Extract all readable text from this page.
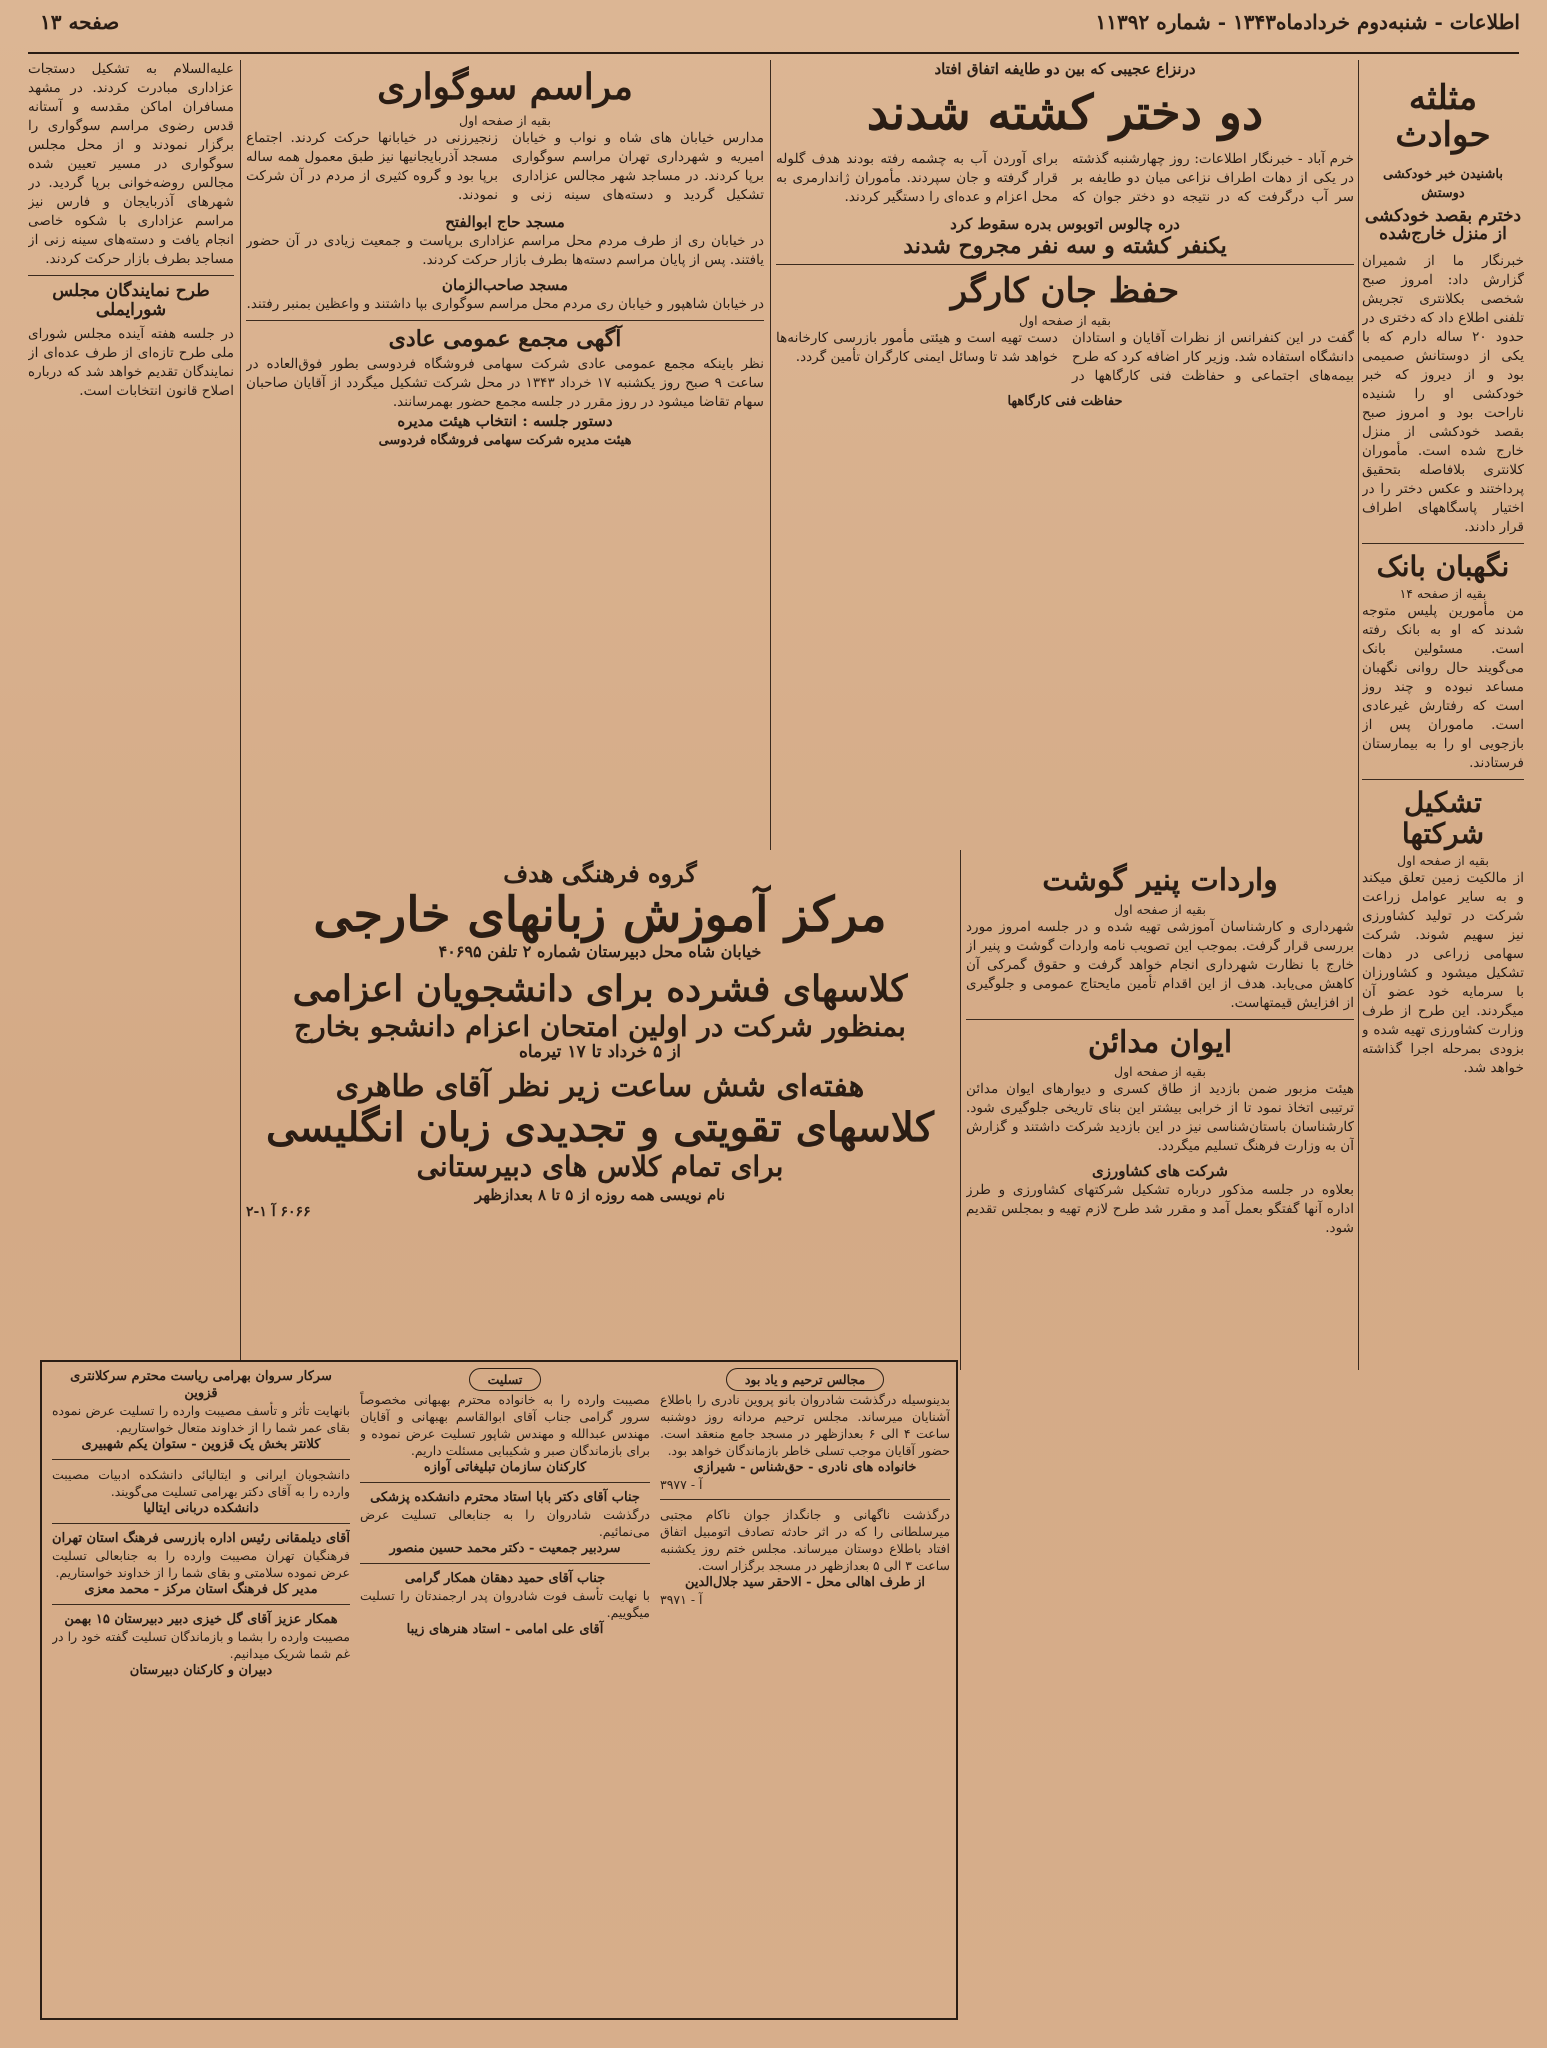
صفحه ۱۳	اطلاعات - شنبه‌دوم خردادماه۱۳۴۳ - شماره ۱۱۳۹۲
مثلثه حوادث
باشنیدن خبر خودکشی دوستش
دخترم بقصد خودکشی از منزل خارج‌شده
خبرنگار ما از شمیران گزارش داد: امروز صبح شخصی بکلانتری تجریش تلفنی اطلاع داد که دختری در حدود ۲۰ ساله دارم که با یکی از دوستانش صمیمی بود و از دیروز که خبر خودکشی او را شنیده ناراحت بود و امروز صبح بقصد خودکشی از منزل خارج شده است. مأموران کلانتری بلافاصله بتحقیق پرداختند و عکس دختر را در اختیار پاسگاههای اطراف قرار دادند.
نگهبان بانک
بقیه از صفحه ۱۴
من مأمورین پلیس متوجه شدند که او به بانک رفته است. مسئولین بانک می‌گویند حال روانی نگهبان مساعد نبوده و چند روز است که رفتارش غیرعادی است. ماموران پس از بازجویی او را به بیمارستان فرستادند.
تشکیل شرکتها
بقیه از صفحه اول
از مالکیت زمین تعلق میکند و به سایر عوامل زراعت شرکت در تولید کشاورزی نیز سهیم شوند. شرکت سهامی زراعی در دهات تشکیل میشود و کشاورزان با سرمایه خود عضو آن میگردند. این طرح از طرف وزارت کشاورزی تهیه شده و بزودی بمرحله اجرا گذاشته خواهد شد.
درنزاع عجیبی که بین دو طایفه اتفاق افتاد
دو دختر کشته شدند
خرم آباد - خبرنگار اطلاعات: روز چهارشنبه گذشته در یکی از دهات اطراف نزاعی میان دو طایفه بر سر آب درگرفت که در نتیجه دو دختر جوان که برای آوردن آب به چشمه رفته بودند هدف گلوله قرار گرفته و جان سپردند. مأموران ژاندارمری به محل اعزام و عده‌ای را دستگیر کردند.
دره چالوس اتوبوس بدره سقوط کرد
یکنفر کشته و سه نفر مجروح شدند
حفظ جان کارگر
بقیه از صفحه اول
گفت در این کنفرانس از نظرات آقایان و استادان دانشگاه استفاده شد. وزیر کار اضافه کرد که طرح بیمه‌های اجتماعی و حفاظت فنی کارگاهها در دست تهیه است و هیئتی مأمور بازرسی کارخانه‌ها خواهد شد تا وسائل ایمنی کارگران تأمین گردد.
حفاظت فنی کارگاهها
مراسم سوگواری
بقیه از صفحه اول
مدارس خیابان های شاه و نواب و خیابان امیریه و شهرداری تهران مراسم سوگواری برپا کردند. در مساجد شهر مجالس عزاداری تشکیل گردید و دسته‌های سینه زنی و زنجیرزنی در خیابانها حرکت کردند. اجتماع مسجد آذربایجانیها نیز طبق معمول همه ساله برپا بود و گروه کثیری از مردم در آن شرکت نمودند.
مسجد حاج ابوالفتح
در خیابان ری از طرف مردم محل مراسم عزاداری برپاست و جمعیت زیادی در آن حضور یافتند. پس از پایان مراسم دسته‌ها بطرف بازار حرکت کردند.
مسجد صاحب‌الزمان
در خیابان شاهپور و خیابان ری مردم محل مراسم سوگواری بپا داشتند و واعظین بمنبر رفتند.
آگهی مجمع عمومی عادی
نظر باینکه مجمع عمومی عادی شرکت سهامی فروشگاه فردوسی بطور فوق‌العاده در ساعت ۹ صبح روز یکشنبه ۱۷ خرداد ۱۳۴۳ در محل شرکت تشکیل میگردد از آقایان صاحبان سهام تقاضا میشود در روز مقرر در جلسه مجمع حضور بهمرسانند.
دستور جلسه : انتخاب هیئت مدیره
هیئت مدیره شرکت سهامی فروشگاه فردوسی
علیه‌السلام به تشکیل دستجات عزاداری مبادرت کردند. در مشهد مسافران اماکن مقدسه و آستانه قدس رضوی مراسم سوگواری را برگزار نمودند و از محل مجلس سوگواری در مسیر تعیین شده مجالس روضه‌خوانی برپا گردید. در شهرهای آذربایجان و فارس نیز مراسم عزاداری با شکوه خاصی انجام یافت و دسته‌های سینه زنی از مساجد بطرف بازار حرکت کردند.
طرح نمایندگان مجلس شورایملی
در جلسه هفته آینده مجلس شورای ملی طرح تازه‌ای از طرف عده‌ای از نمایندگان تقدیم خواهد شد که درباره اصلاح قانون انتخابات است.
گروه فرهنگی هدف
مرکز آموزش زبانهای خارجی
خیابان شاه محل دبیرستان شماره ۲ تلفن ۴۰۶۹۵
کلاسهای فشرده برای دانشجویان اعزامی
بمنظور شرکت در اولین امتحان اعزام دانشجو بخارج
از ۵ خرداد تا ۱۷ تیرماه
هفته‌ای شش ساعت زیر نظر آقای طاهری
کلاسهای تقویتی و تجدیدی زبان انگلیسی
برای تمام کلاس های دبیرستانی
نام نویسی همه روزه از ۵ تا ۸ بعدازظهر
۶۰۶۶ آ ۱-۲
واردات پنیر گوشت
بقیه از صفحه اول
شهرداری و کارشناسان آموزشی تهیه شده و در جلسه امروز مورد بررسی قرار گرفت. بموجب این تصویب نامه واردات گوشت و پنیر از خارج با نظارت شهرداری انجام خواهد گرفت و حقوق گمرکی آن کاهش می‌یابد. هدف از این اقدام تأمین مایحتاج عمومی و جلوگیری از افزایش قیمتهاست.
ایوان مدائن
بقیه از صفحه اول
هیئت مزبور ضمن بازدید از طاق کسری و دیوارهای ایوان مدائن ترتیبی اتخاذ نمود تا از خرابی بیشتر این بنای تاریخی جلوگیری شود. کارشناسان باستان‌شناسی نیز در این بازدید شرکت داشتند و گزارش آن به وزارت فرهنگ تسلیم میگردد.
شرکت های کشاورزی
بعلاوه در جلسه مذکور درباره تشکیل شرکتهای کشاورزی و طرز اداره آنها گفتگو بعمل آمد و مقرر شد طرح لازم تهیه و بمجلس تقدیم شود.
مجالس ترحیم و یاد بود
بدینوسیله درگذشت شادروان بانو پروین نادری را باطلاع آشنایان میرساند. مجلس ترحیم مردانه روز دوشنبه ساعت ۴ الی ۶ بعدازظهر در مسجد جامع منعقد است. حضور آقایان موجب تسلی خاطر بازماندگان خواهد بود.
خانواده های نادری - حق‌شناس - شیرازی
آ - ۳۹۷۷
درگذشت ناگهانی و جانگداز جوان ناکام مجتبی میرسلطانی را که در اثر حادثه تصادف اتومبیل اتفاق افتاد باطلاع دوستان میرساند. مجلس ختم روز یکشنبه ساعت ۳ الی ۵ بعدازظهر در مسجد برگزار است.
از طرف اهالی محل - الاحقر سید جلال‌الدین
آ - ۳۹۷۱
تسلیت
مصیبت وارده را به خانواده محترم بهبهانی مخصوصاً سرور گرامی جناب آقای ابوالقاسم بهبهانی و آقایان مهندس عبدالله و مهندس شاپور تسلیت عرض نموده و برای بازماندگان صبر و شکیبایی مسئلت داریم.
کارکنان سازمان تبلیغاتی آوازه
جناب آقای دکتر بابا استاد محترم دانشکده پزشکی
درگذشت شادروان را به جنابعالی تسلیت عرض می‌نمائیم.
سردبیر جمعیت - دکتر محمد حسین منصور
جناب آقای حمید دهقان همکار گرامی
با نهایت تأسف فوت شادروان پدر ارجمندتان را تسلیت میگوییم.
آقای علی امامی - استاد هنرهای زیبا
سرکار سروان بهرامی ریاست محترم سرکلانتری قزوین
بانهایت تأثر و تأسف مصیبت وارده را تسلیت عرض نموده بقای عمر شما را از خداوند متعال خواستاریم.
کلانتر بخش یک قزوین - ستوان یکم شهبیری
دانشجویان ایرانی و ایتالیائی دانشکده ادبیات مصیبت وارده را به آقای دکتر بهرامی تسلیت می‌گویند.
دانشکده دربانی ایتالیا
آقای دیلمقانی رئیس اداره بازرسی فرهنگ استان تهران
فرهنگیان تهران مصیبت وارده را به جنابعالی تسلیت عرض نموده سلامتی و بقای شما را از خداوند خواستاریم.
مدیر کل فرهنگ استان مرکز - محمد معزی
همکار عزیز آقای گل خیزی دبیر دبیرستان ۱۵ بهمن
مصیبت وارده را بشما و بازماندگان تسلیت گفته خود را در غم شما شریک میدانیم.
دبیران و کارکنان دبیرستان
